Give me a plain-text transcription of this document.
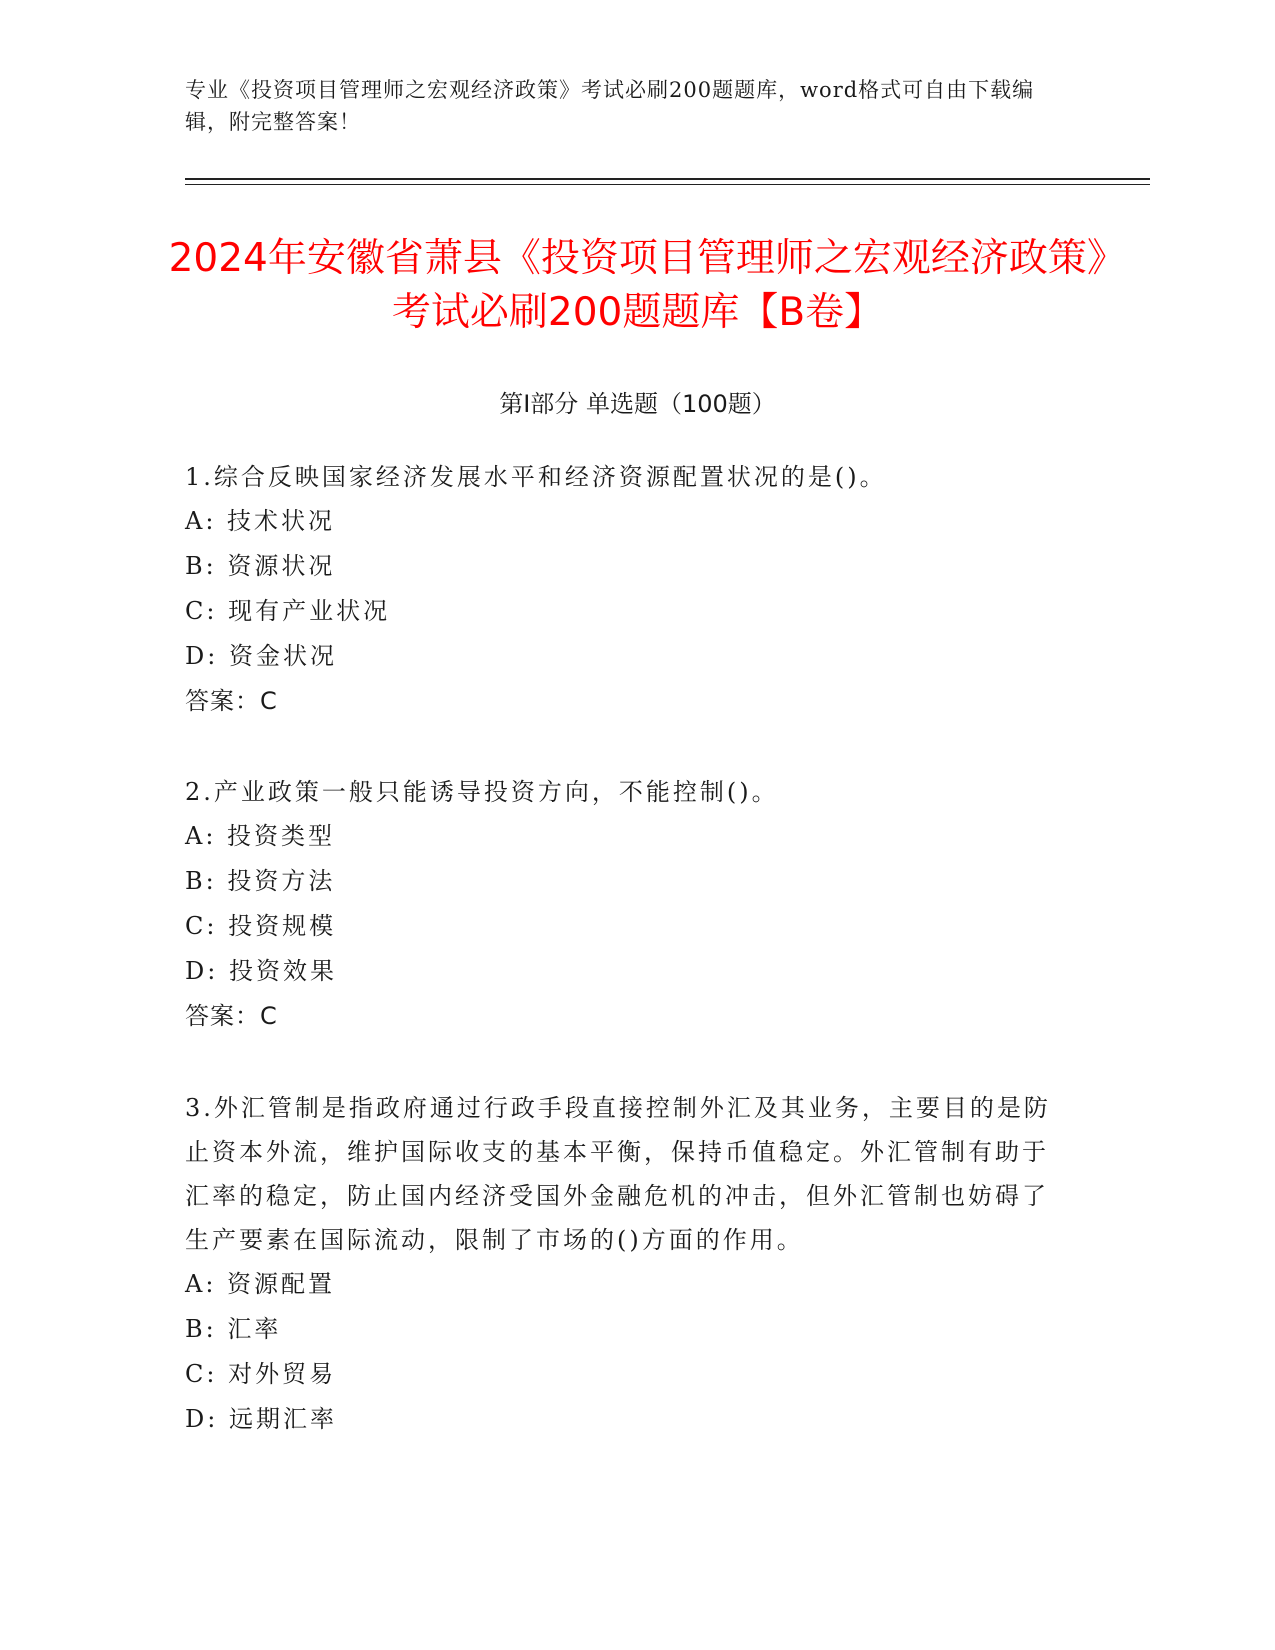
专业《投资项目管理师之宏观经济政策》考试必刷200题题库，word格式可自由下载编辑，附完整答案！
2024年安徽省萧县《投资项目管理师之宏观经济政策》考试必刷200题题库【B卷】
第Ⅰ部分 单选题（100题）

1.综合反映国家经济发展水平和经济资源配置状况的是()。

A: 技术状况

B: 资源状况

C: 现有产业状况

D: 资金状况

答案：C

2.产业政策一般只能诱导投资方向，不能控制()。

A: 投资类型

B: 投资方法

C: 投资规模

D: 投资效果

答案：C

3.外汇管制是指政府通过行政手段直接控制外汇及其业务，主要目的是防止资本外流，维护国际收支的基本平衡，保持币值稳定。外汇管制有助于汇率的稳定，防止国内经济受国外金融危机的冲击，但外汇管制也妨碍了生产要素在国际流动，限制了市场的()方面的作用。

A: 资源配置

B: 汇率

C: 对外贸易

D: 远期汇率
